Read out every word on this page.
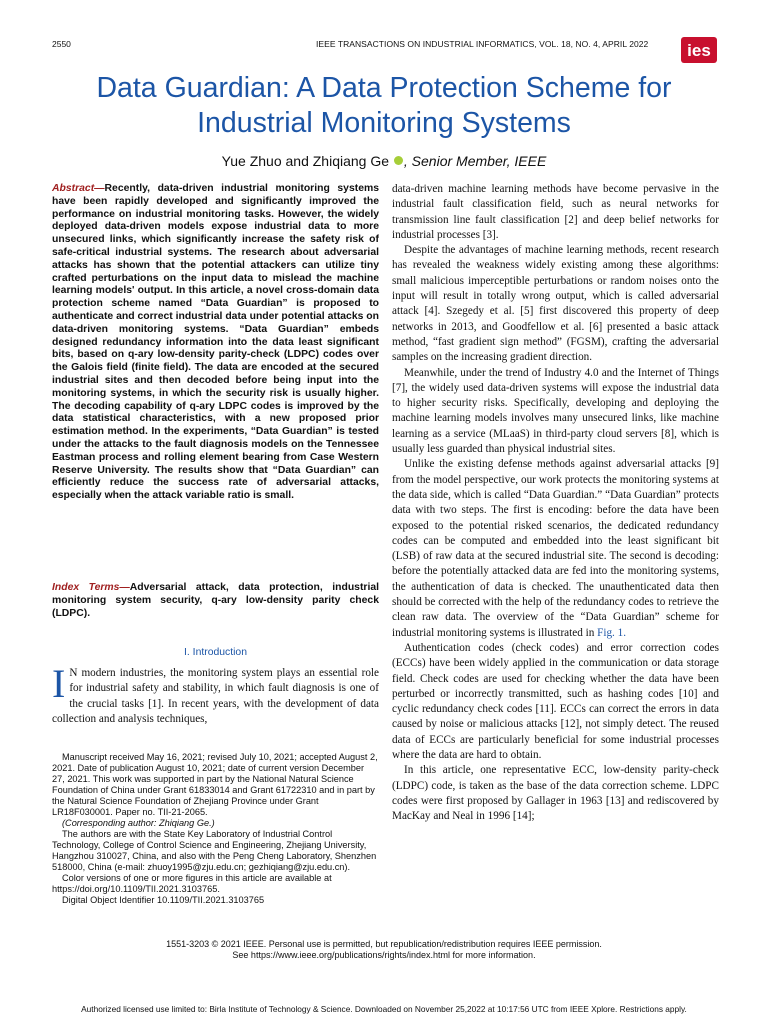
2550	IEEE TRANSACTIONS ON INDUSTRIAL INFORMATICS, VOL. 18, NO. 4, APRIL 2022 ies
Data Guardian: A Data Protection Scheme for Industrial Monitoring Systems
Yue Zhuo and Zhiqiang Ge , Senior Member, IEEE

Abstract—Recently, data-driven industrial monitoring systems have been rapidly developed and significantly improved the performance on industrial monitoring tasks. However, the widely deployed data-driven models expose industrial data to more unsecured links, which significantly increase the safety risk of safe-critical industrial systems. The research about adversarial attacks has shown that the potential attackers can utilize tiny crafted perturbations on the input data to mislead the machine learning models' output. In this article, a novel cross-domain data protection scheme named “Data Guardian” is proposed to authenticate and correct industrial data under potential attacks on data-driven monitoring systems. “Data Guardian” embeds designed redundancy information into the data least significant bits, based on q-ary low-density parity-check (LDPC) codes over the Galois field (finite field). The data are encoded at the secured industrial sites and then decoded before being input into the monitoring systems, in which the security risk is usually higher. The decoding capability of q-ary LDPC codes is improved by the data statistical characteristics, with a new proposed prior estimation method. In the experiments, “Data Guardian” is tested under the attacks to the fault diagnosis models on the Tennessee Eastman process and rolling element bearing from Case Western Reserve University. The results show that “Data Guardian” can efficiently reduce the success rate of adversarial attacks, especially when the attack variable ratio is small.

Index Terms—Adversarial attack, data protection, industrial monitoring system security, q-ary low-density parity check (LDPC).

I. Introduction

I N modern industries, the monitoring system plays an essential role for industrial safety and stability, in which fault diagnosis is one of the crucial tasks [1]. In recent years, with the development of data collection and analysis techniques,

Manuscript received May 16, 2021; revised July 10, 2021; accepted August 2, 2021. Date of publication August 10, 2021; date of current version December 27, 2021. This work was supported in part by the National Natural Science Foundation of China under Grant 61833014 and Grant 61722310 and in part by the Natural Science Foundation of Zhejiang Province under Grant LR18F030001. Paper no. TII-21-2065.

(Corresponding author: Zhiqiang Ge.)

The authors are with the State Key Laboratory of Industrial Control Technology, College of Control Science and Engineering, Zhejiang University, Hangzhou 310027, China, and also with the Peng Cheng Laboratory, Shenzhen 518000, China (e-mail: zhuoy1995@zju.edu.cn; gezhiqiang@zju.edu.cn).

Color versions of one or more figures in this article are available at https://doi.org/10.1109/TII.2021.3103765.

Digital Object Identifier 10.1109/TII.2021.3103765

data-driven machine learning methods have become pervasive in the industrial fault classification field, such as neural networks for transmission line fault classification [2] and deep belief networks for industrial processes [3].

Despite the advantages of machine learning methods, recent research has revealed the weakness widely existing among these algorithms: small malicious imperceptible perturbations or random noises onto the input will result in totally wrong output, which is called adversarial attack [4]. Szegedy et al. [5] first discovered this property of deep networks in 2013, and Goodfellow et al. [6] presented a basic attack method, “fast gradient sign method” (FGSM), crafting the adversarial samples on the increasing gradient direction.

Meanwhile, under the trend of Industry 4.0 and the Internet of Things [7], the widely used data-driven systems will expose the industrial data to higher security risks. Specifically, developing and deploying the machine learning models involves many unsecured links, like machine learning as a service (MLaaS) in third-party cloud servers [8], which is usually less guarded than physical industrial sites.

Unlike the existing defense methods against adversarial attacks [9] from the model perspective, our work protects the monitoring systems at the data side, which is called “Data Guardian.” “Data Guardian” protects data with two steps. The first is encoding: before the data have been exposed to the potential risked scenarios, the dedicated redundancy codes can be computed and embedded into the least significant bit (LSB) of raw data at the secured industrial site. The second is decoding: before the potentially attacked data are fed into the monitoring systems, the authentication of data is checked. The unauthenticated data then should be corrected with the help of the redundancy codes to retrieve the clean raw data. The overview of the “Data Guardian” scheme for industrial monitoring systems is illustrated in Fig. 1.

Authentication codes (check codes) and error correction codes (ECCs) have been widely applied in the communication or data storage field. Check codes are used for checking whether the data have been perturbed or incorrectly transmitted, such as hashing codes [10] and cyclic redundancy check codes [11]. ECCs can correct the errors in data caused by noise or malicious attacks [12], not simply detect. The reused data of ECCs are particularly beneficial for some industrial processes where the data are hard to obtain.

In this article, one representative ECC, low-density parity-check (LDPC) code, is taken as the base of the data correction scheme. LDPC codes were first proposed by Gallager in 1963 [13] and rediscovered by MacKay and Neal in 1996 [14];

1551-3203 © 2021 IEEE. Personal use is permitted, but republication/redistribution requires IEEE permission.
See https://www.ieee.org/publications/rights/index.html for more information.
Authorized licensed use limited to: Birla Institute of Technology & Science. Downloaded on November 25,2022 at 10:17:56 UTC from IEEE Xplore. Restrictions apply.
